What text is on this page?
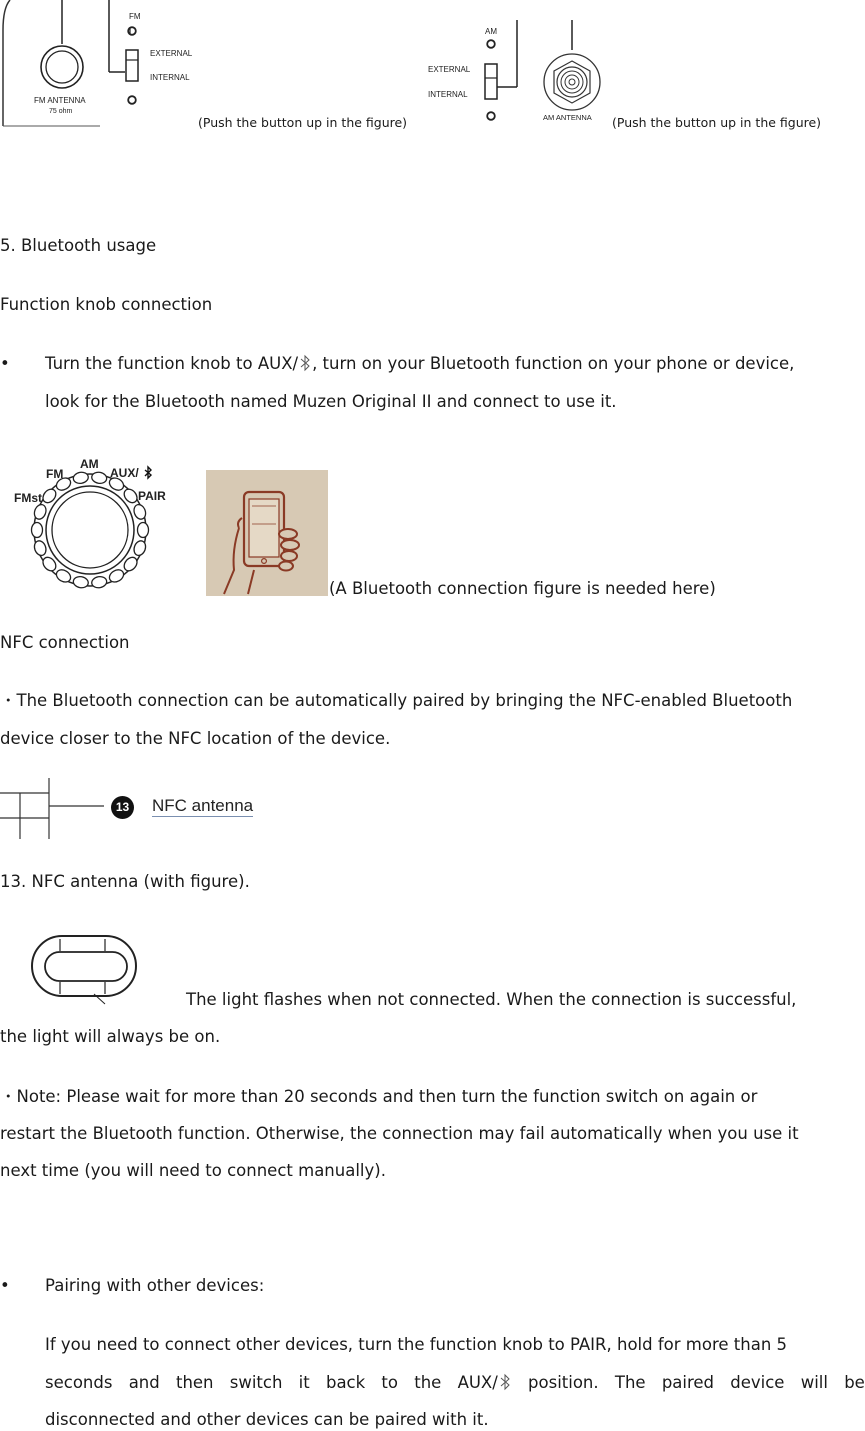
FM
EXTERNAL
INTERNAL
FM ANTENNA
75 ohm
(Push the button up in the figure)
AM
EXTERNAL
INTERNAL
AM ANTENNA (Push the button up in the figure)
5. Bluetooth usage
Function knob connection
• Turn the function knob to AUX/ , turn on your Bluetooth function on your phone or device,
look for the Bluetooth named Muzen Original II and connect to use it.
FM
AM
AUX/
FMst	PAIR
(A Bluetooth connection figure is needed here)
NFC connection
・The Bluetooth connection can be automatically paired by bringing the NFC-enabled Bluetooth
device closer to the NFC location of the device.
13 NFC antenna
13. NFC antenna (with figure).
The light flashes when not connected. When the connection is successful,
the light will always be on.
・Note: Please wait for more than 20 seconds and then turn the function switch on again or
restart the Bluetooth function. Otherwise, the connection may fail automatically when you use it
next time (you will need to connect manually).
• Pairing with other devices:
If you need to connect other devices, turn the function knob to PAIR, hold for more than 5
seconds and then switch it back to the AUX/	position. The paired device will be
disconnected and other devices can be paired with it.
